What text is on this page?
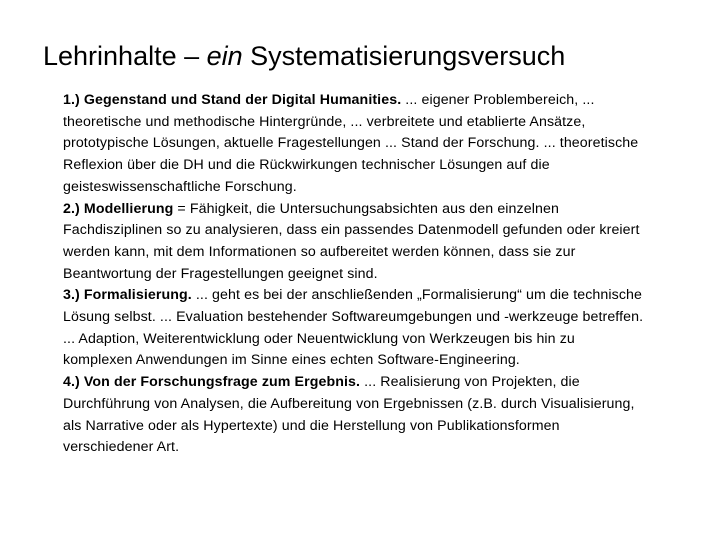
Lehrinhalte – ein Systematisierungsversuch

1.) Gegenstand und Stand der Digital Humanities. ... eigener Problembereich, ... theoretische und methodische Hintergründe, ... verbreitete und etablierte Ansätze, prototypische Lösungen, aktuelle Fragestellungen ... Stand der Forschung. ... theoretische Reflexion über die DH und die Rückwirkungen technischer Lösungen auf die geisteswissenschaftliche Forschung.

2.) Modellierung = Fähigkeit, die Untersuchungsabsichten aus den einzelnen Fachdisziplinen so zu analysieren, dass ein passendes Datenmodell gefunden oder kreiert werden kann, mit dem Informationen so aufbereitet werden können, dass sie zur Beantwortung der Fragestellungen geeignet sind.

3.) Formalisierung. ... geht es bei der anschließenden „Formalisierung“ um die technische Lösung selbst. ... Evaluation bestehender Softwareumgebungen und -werkzeuge betreffen. ... Adaption, Weiterentwicklung oder Neuentwicklung von Werkzeugen bis hin zu komplexen Anwendungen im Sinne eines echten Software-Engineering.

4.) Von der Forschungsfrage zum Ergebnis. ... Realisierung von Projekten, die Durchführung von Analysen, die Aufbereitung von Ergebnissen (z.B. durch Visualisierung, als Narrative oder als Hypertexte) und die Herstellung von Publikationsformen verschiedener Art.
